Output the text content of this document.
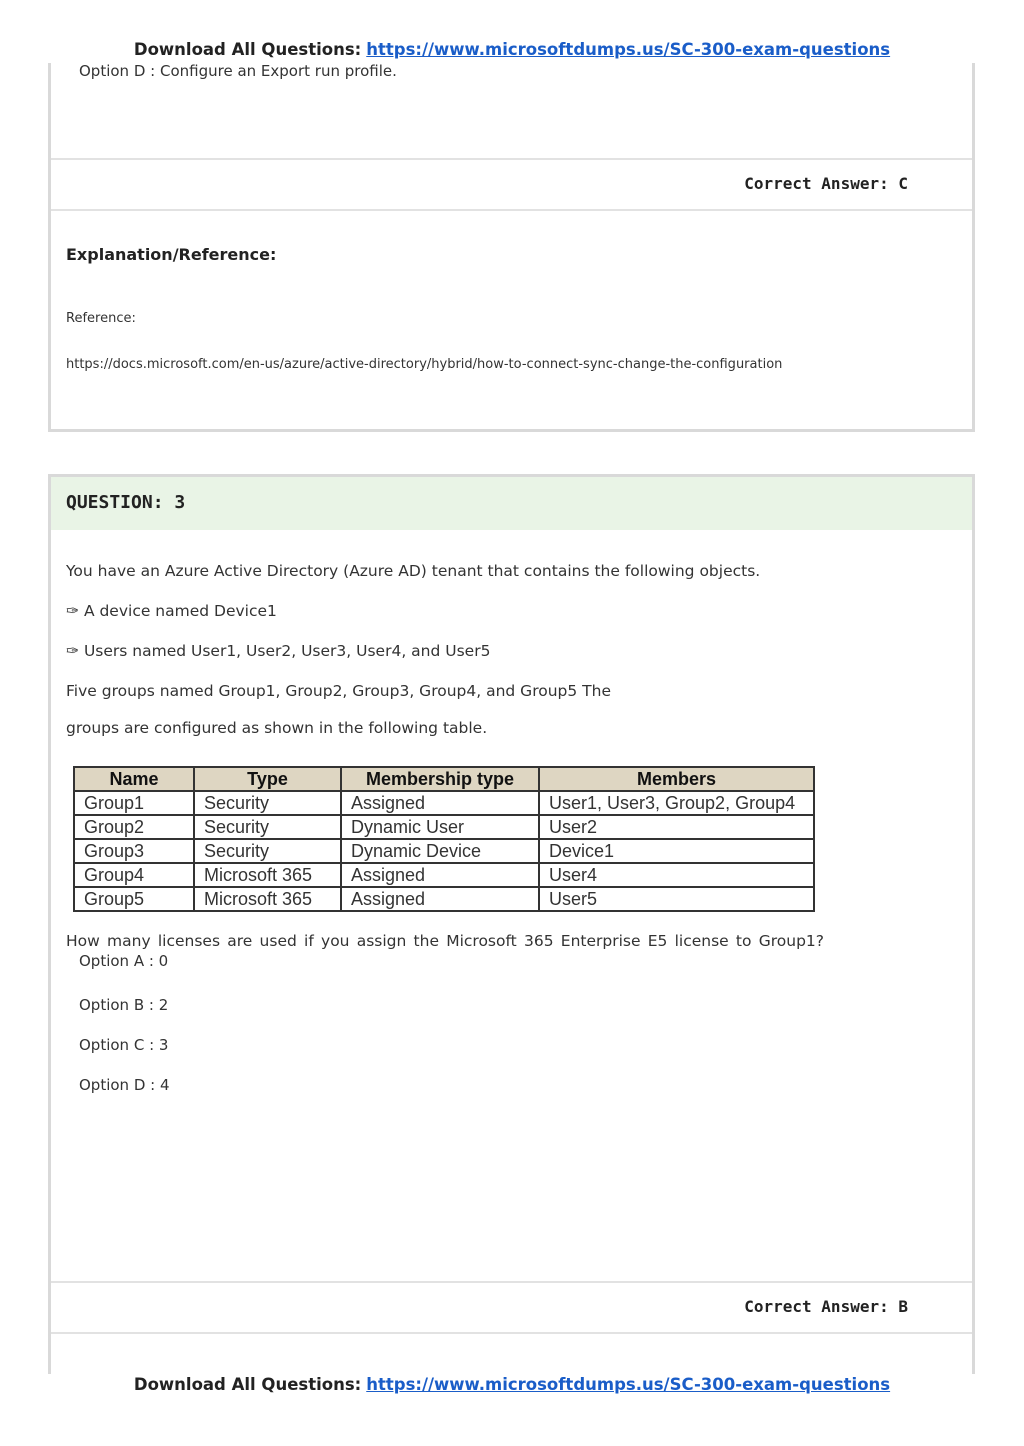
Download All Questions: https://www.microsoftdumps.us/SC-300-exam-questions
Option D : Configure an Export run profile.
Correct Answer: C
Explanation/Reference:
Reference:
https://docs.microsoft.com/en-us/azure/active-directory/hybrid/how-to-connect-sync-change-the-configuration
QUESTION: 3
You have an Azure Active Directory (Azure AD) tenant that contains the following objects.
✑ A device named Device1
✑ Users named User1, User2, User3, User4, and User5
Five groups named Group1, Group2, Group3, Group4, and Group5 The
groups are configured as shown in the following table.
Name	Type	Membership type	Members
Group1	Security	Assigned	User1, User3, Group2, Group4
Group2	Security	Dynamic User	User2
Group3	Security	Dynamic Device	Device1
Group4	Microsoft 365	Assigned	User4
Group5	Microsoft 365	Assigned	User5
How many licenses are used if you assign the Microsoft 365 Enterprise E5 license to Group1?
Option A : 0
Option B : 2
Option C : 3
Option D : 4
Correct Answer: B
Download All Questions: https://www.microsoftdumps.us/SC-300-exam-questions
